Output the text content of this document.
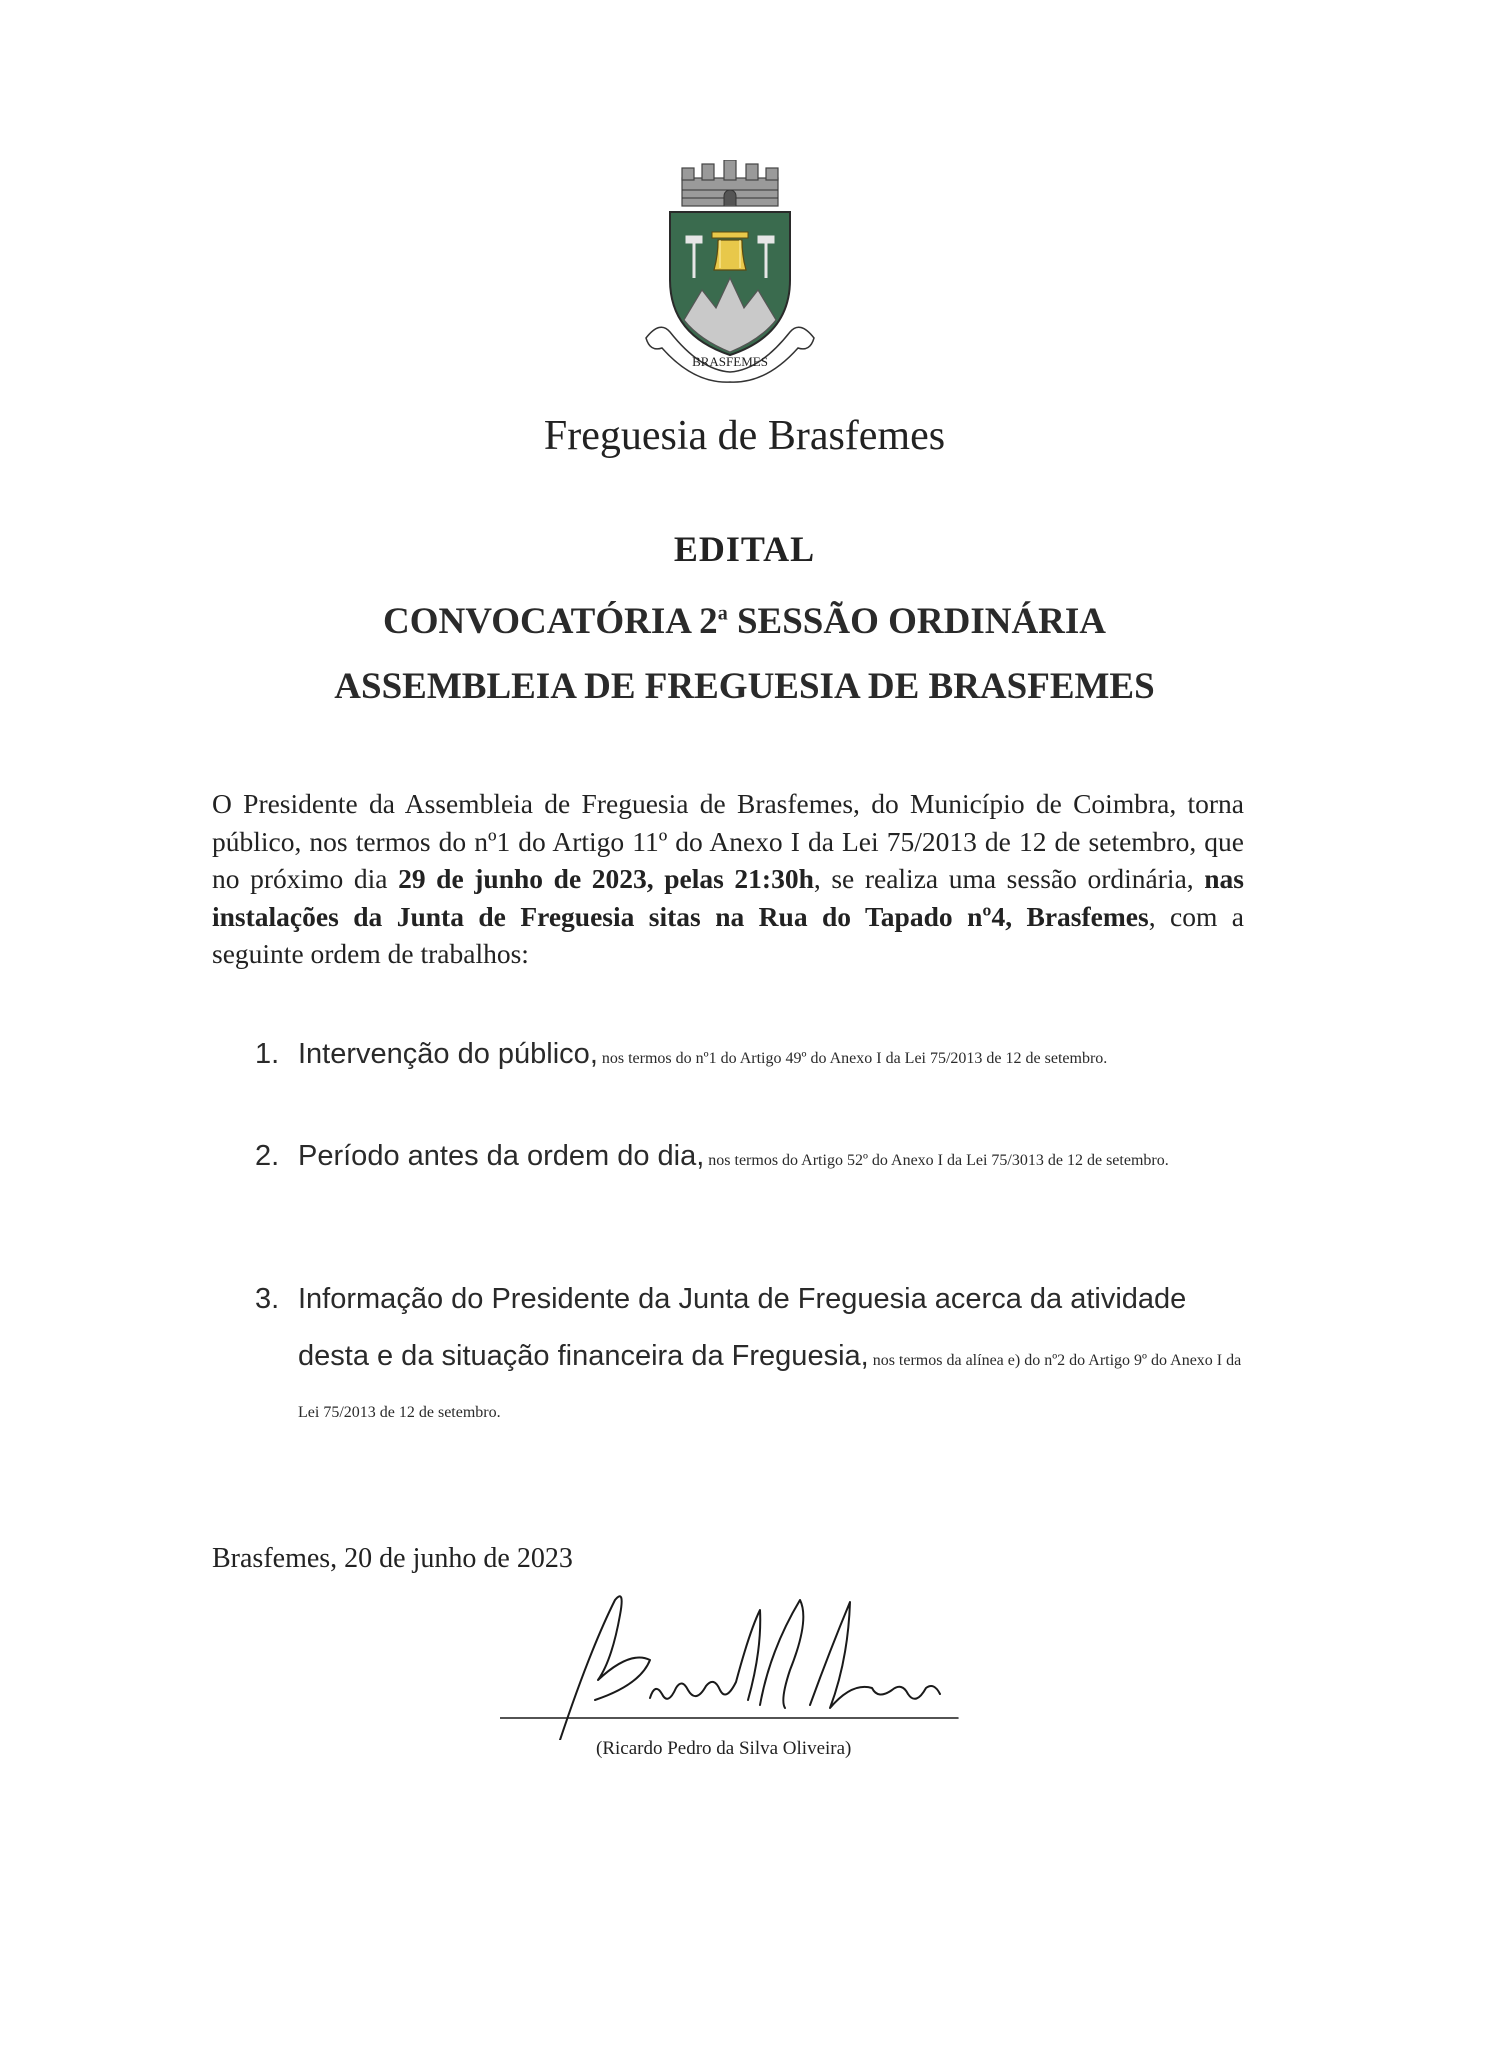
BRASFEMES
Freguesia de Brasfemes
EDITAL
CONVOCATÓRIA 2$^a$ SESSÃO ORDINÁRIA
ASSEMBLEIA DE FREGUESIA DE BRASFEMES

O Presidente da Assembleia de Freguesia de Brasfemes, do Município de Coimbra, torna público, nos termos do nº1 do Artigo 11º do Anexo I da Lei 75/2013 de 12 de setembro, que no próximo dia 29 de junho de 2023, pelas 21:30h, se realiza uma sessão ordinária, nas instalações da Junta de Freguesia sitas na Rua do Tapado nº4, Brasfemes, com a seguinte ordem de trabalhos:

1. Intervenção do público, nos termos do nº1 do Artigo 49º do Anexo I da Lei 75/2013 de 12 de setembro.
2. Período antes da ordem do dia, nos termos do Artigo 52º do Anexo I da Lei 75/3013 de 12 de setembro.
3. Informação do Presidente da Junta de Freguesia acerca da atividade desta e da situação financeira da Freguesia, nos termos da alínea e) do nº2 do Artigo 9º do Anexo I da Lei 75/2013 de 12 de setembro.

Brasfemes, 20 de junho de 2023

(Ricardo Pedro da Silva Oliveira)
